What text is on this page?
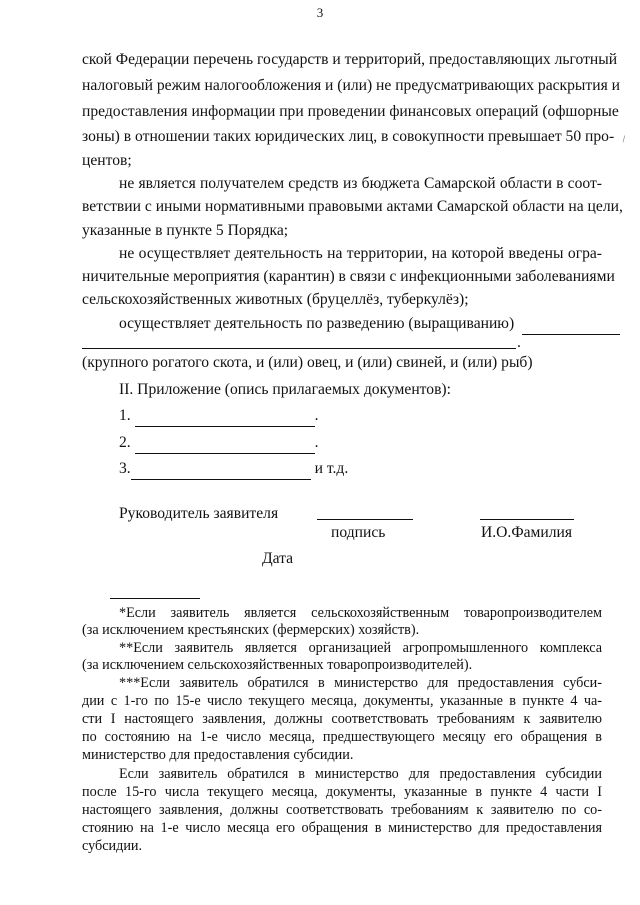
3
ской Федерации перечень государств и территорий, предоставляющих льготный
налоговый режим налогообложения и (или) не предусматривающих раскрытия и
предоставления информации при проведении финансовых операций (офшорные
зоны) в отношении таких юридических лиц, в совокупности превышает 50 про-
центов;
не является получателем средств из бюджета Самарской области в соот-
ветствии с иными нормативными правовыми актами Самарской области на цели,
указанные в пункте 5 Порядка;
не осуществляет деятельность на территории, на которой введены огра-
ничительные мероприятия (карантин) в связи с инфекционными заболеваниями
сельскохозяйственных животных (бруцеллёз, туберкулёз);
осуществляет деятельность по разведению (выращиванию)
.
(крупного рогатого скота, и (или) овец, и (или) свиней, и (или) рыб)
II. Приложение (опись прилагаемых документов):
1.	.
2.	.
3.	и т.д.
Руководитель заявителя
подпись	И.О.Фамилия
Дата
*Если заявитель является сельскохозяйственным товаропроизводителем
(за исключением крестьянских (фермерских) хозяйств).
**Если заявитель является организацией агропромышленного комплекса
(за исключением сельскохозяйственных товаропроизводителей).
***Если заявитель обратился в министерство для предоставления субси-
дии с 1-го по 15-е число текущего месяца, документы, указанные в пункте 4 ча-
сти I настоящего заявления, должны соответствовать требованиям к заявителю
по состоянию на 1-е число месяца, предшествующего месяцу его обращения в
министерство для предоставления субсидии.
Если заявитель обратился в министерство для предоставления субсидии
после 15-го числа текущего месяца, документы, указанные в пункте 4 части I
настоящего заявления, должны соответствовать требованиям к заявителю по со-
стоянию на 1-е число месяца его обращения в министерство для предоставления
субсидии.
\
